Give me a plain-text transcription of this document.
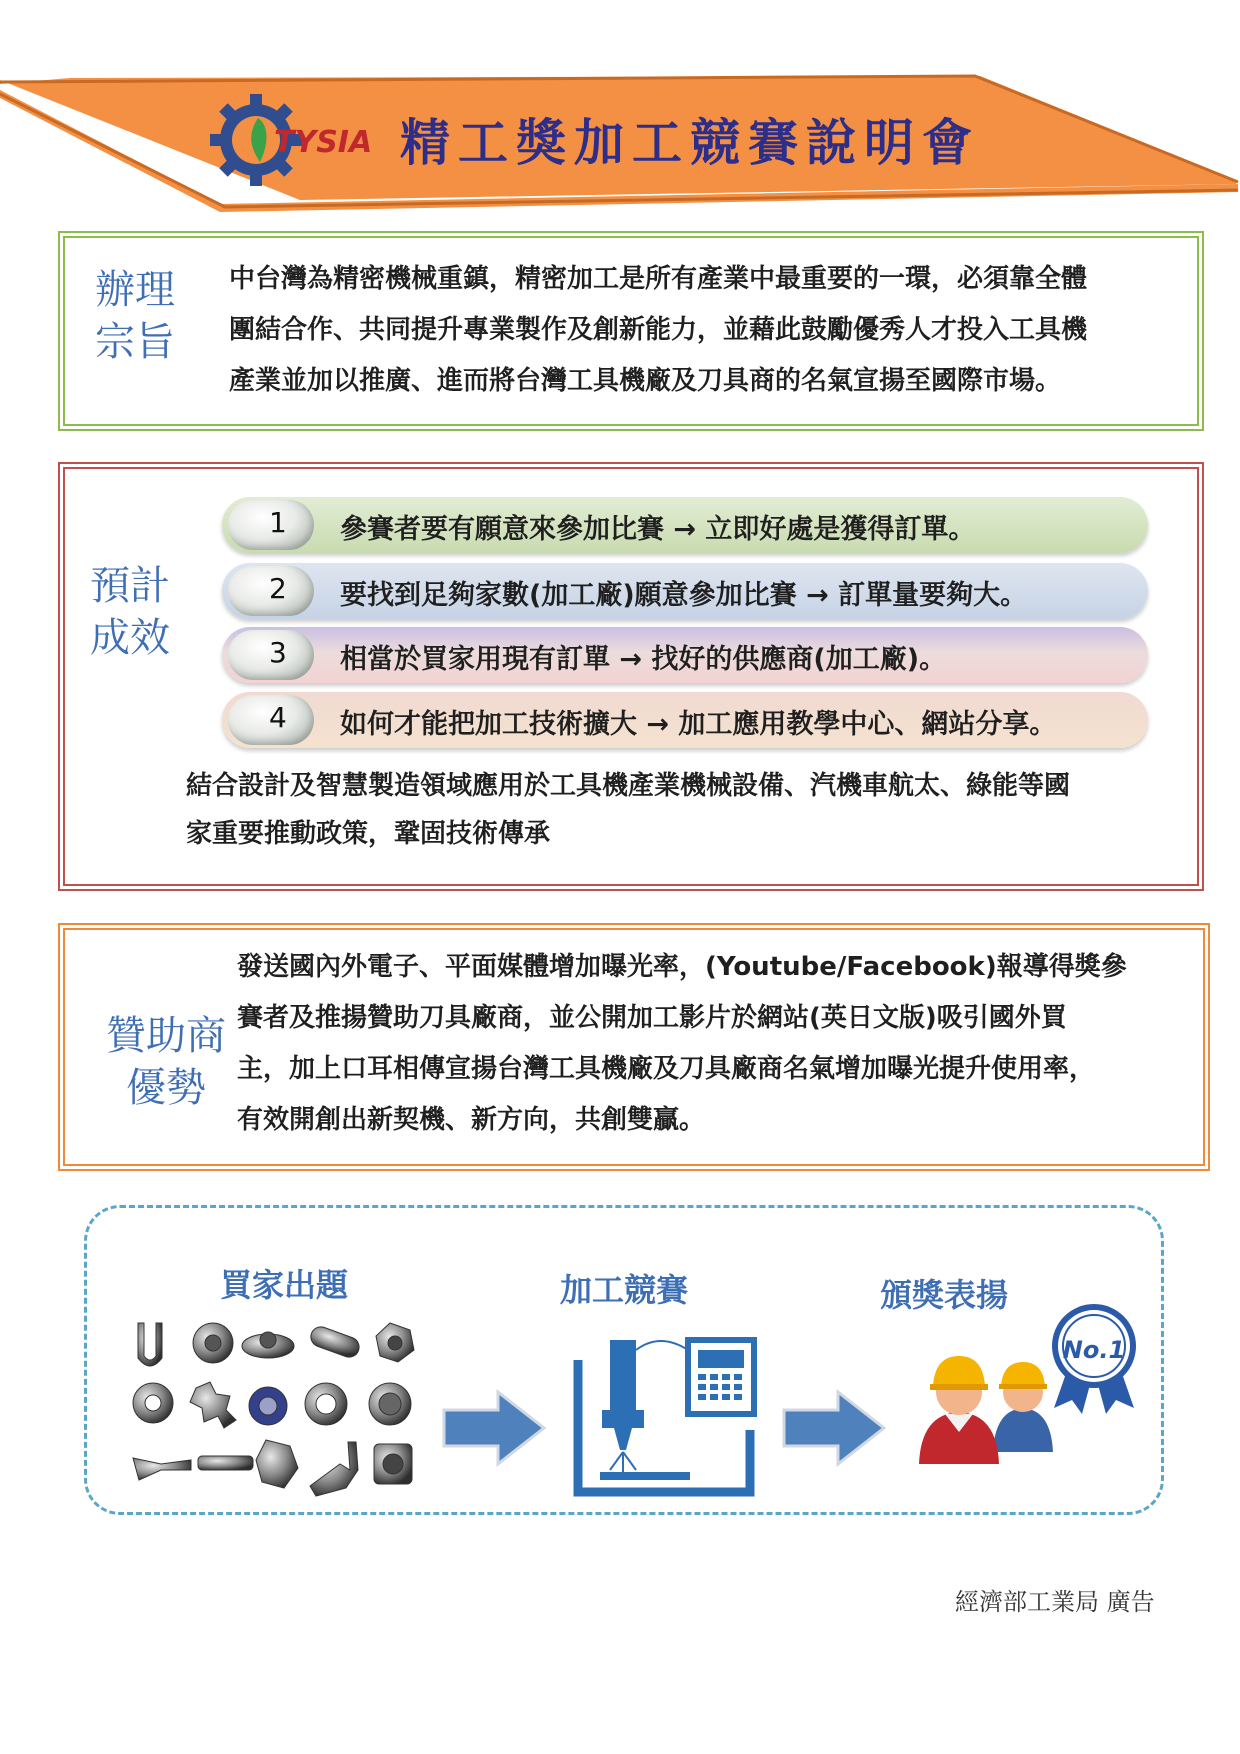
TYSIA 精工獎加工競賽說明會
辦理
宗旨
中台灣為精密機械重鎮，精密加工是所有產業中最重要的一環，必須靠全體
團結合作、共同提升專業製作及創新能力，並藉此鼓勵優秀人才投入工具機
產業並加以推廣、進而將台灣工具機廠及刀具商的名氣宣揚至國際市場。
預計
成效
1 參賽者要有願意來參加比賽 → 立即好處是獲得訂單。
2 要找到足夠家數(加工廠)願意參加比賽 → 訂單量要夠大。
3 相當於買家用現有訂單 → 找好的供應商(加工廠)。
4 如何才能把加工技術擴大 → 加工應用教學中心、網站分享。
結合設計及智慧製造領域應用於工具機產業機械設備、汽機車航太、綠能等國
家重要推動政策，鞏固技術傳承
贊助商
優勢
發送國內外電子、平面媒體增加曝光率，(Youtube/Facebook)報導得獎參
賽者及推揚贊助刀具廠商，並公開加工影片於網站(英日文版)吸引國外買
主，加上口耳相傳宣揚台灣工具機廠及刀具廠商名氣增加曝光提升使用率，
有效開創出新契機、新方向，共創雙贏。
買家出題	加工競賽	頒獎表揚
No.1
經濟部工業局 廣告
